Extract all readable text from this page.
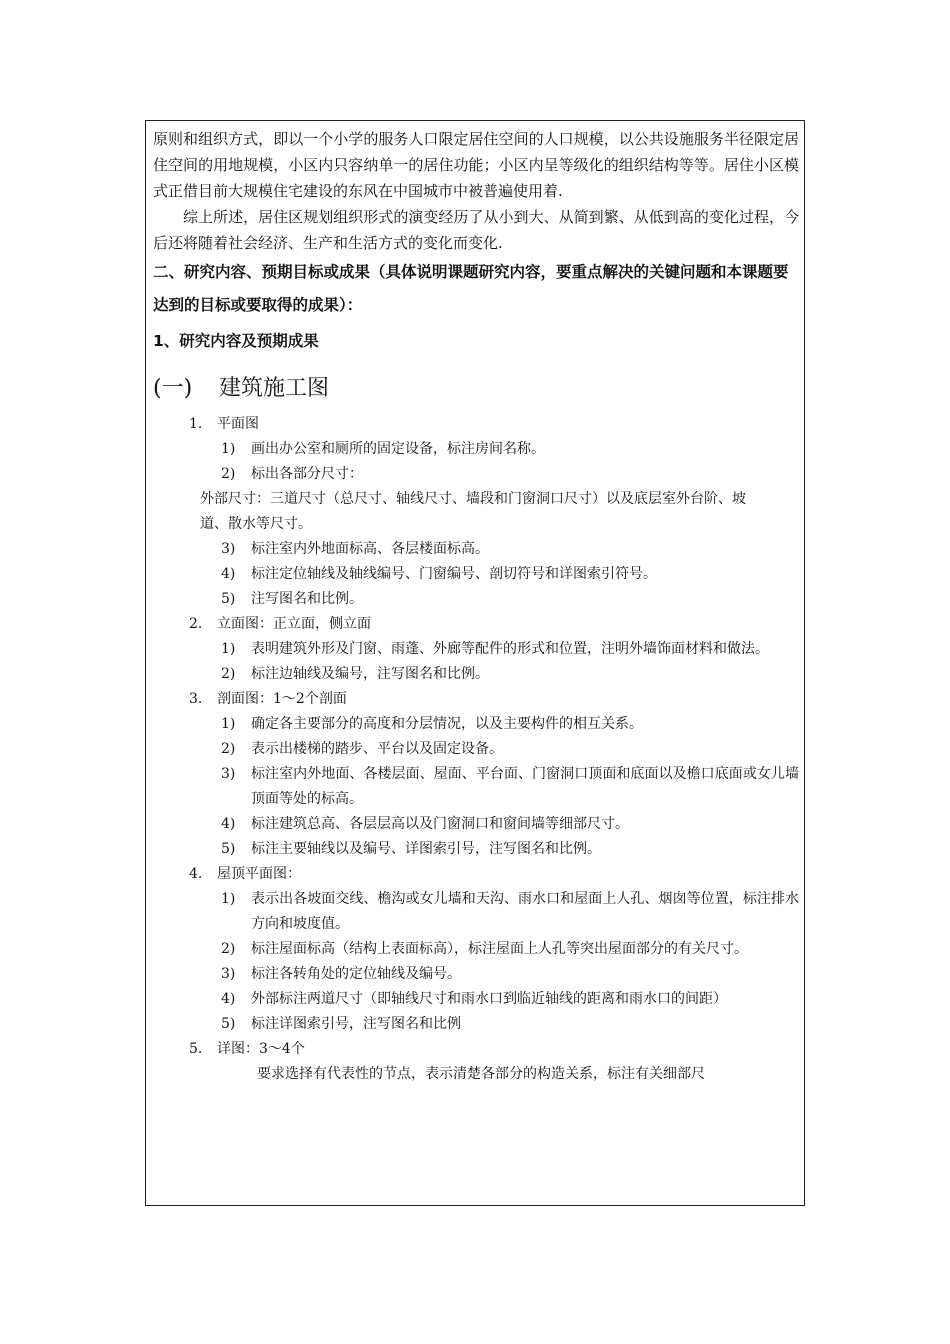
原则和组织方式，即以一个小学的服务人口限定居住空间的人口规模，以公共设施服务半径限定居住空间的用地规模，小区内只容纳单一的居住功能；小区内呈等级化的组织结构等等。居住小区模式正借目前大规模住宅建设的东风在中国城市中被普遍使用着.

综上所述，居住区规划组织形式的演变经历了从小到大、从简到繁、从低到高的变化过程，今后还将随着社会经济、生产和生活方式的变化而变化.

二、研究内容、预期目标或成果（具体说明课题研究内容，要重点解决的关键问题和本课题要达到的目标或要取得的成果）：

1、研究内容及预期成果

(一)	建筑施工图
1.	平面图
1)	画出办公室和厕所的固定设备，标注房间名称。
2)	标出各部分尺寸：
外部尺寸：三道尺寸（总尺寸、轴线尺寸、墙段和门窗洞口尺寸）以及底层室外台阶、坡道、散水等尺寸。
3)	标注室内外地面标高、各层楼面标高。
4)	标注定位轴线及轴线编号、门窗编号、剖切符号和详图索引符号。
5)	注写图名和比例。
2.	立面图：正立面，侧立面
1)	表明建筑外形及门窗、雨蓬、外廊等配件的形式和位置，注明外墙饰面材料和做法。
2)	标注边轴线及编号，注写图名和比例。
3.	剖面图：1～2个剖面
1)	确定各主要部分的高度和分层情况，以及主要构件的相互关系。
2)	表示出楼梯的踏步、平台以及固定设备。
3)	标注室内外地面、各楼层面、屋面、平台面、门窗洞口顶面和底面以及檐口底面或女儿墙顶面等处的标高。
4)	标注建筑总高、各层层高以及门窗洞口和窗间墙等细部尺寸。
5)	标注主要轴线以及编号、详图索引号，注写图名和比例。
4.	屋顶平面图：
1)	表示出各坡面交线、檐沟或女儿墙和天沟、雨水口和屋面上人孔、烟囱等位置，标注排水方向和坡度值。
2)	标注屋面标高（结构上表面标高），标注屋面上人孔等突出屋面部分的有关尺寸。
3)	标注各转角处的定位轴线及编号。
4)	外部标注两道尺寸（即轴线尺寸和雨水口到临近轴线的距离和雨水口的间距）
5)	标注详图索引号，注写图名和比例
5.	详图：3～4个
要求选择有代表性的节点，表示清楚各部分的构造关系，标注有关细部尺
